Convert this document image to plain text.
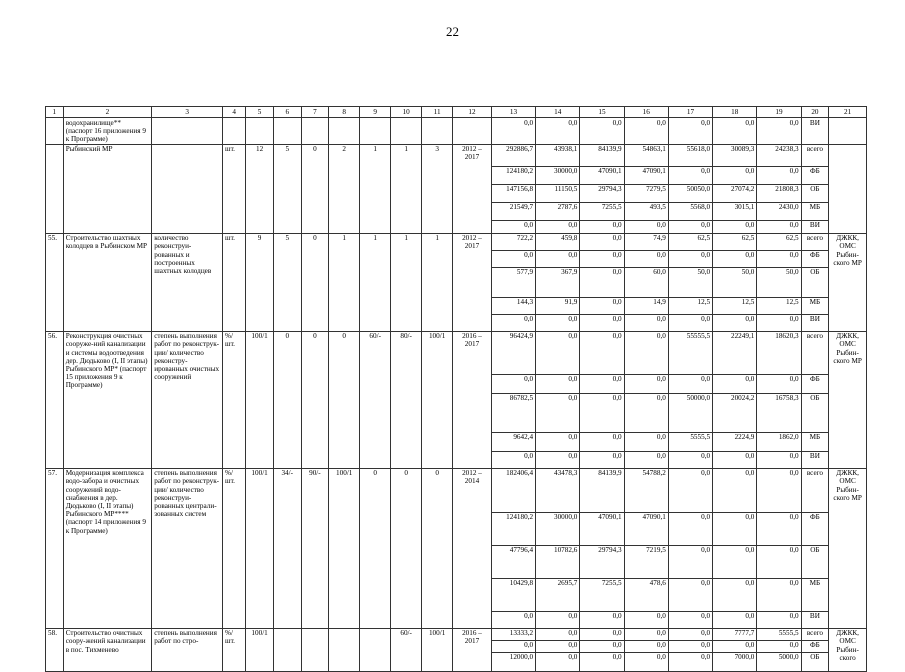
22
1	2	3	4	5	6	7	8	9	10	11	12	13	14	15	16	17	18	19	20	21
	водохранилище** (паспорт 16 приложения 9 к Программе)											0,0	0,0	0,0	0,0	0,0	0,0	0,0	ВИ	
	Рыбинский МР		шт.	12	5	0	2	1	1	3	2012 – 2017	292886,7	43938,1	84139,9	54863,1	55618,0	30089,3	24238,3	всего	
												124180,2	30000,0	47090,1	47090,1	0,0	0,0	0,0	ФБ	
												147156,8	11150,5	29794,3	7279,5	50050,0	27074,2	21808,3	ОБ	
												21549,7	2787,6	7255,5	493,5	5568,0	3015,1	2430,0	МБ	
												0,0	0,0	0,0	0,0	0,0	0,0	0,0	ВИ	
55.	Строительство шахтных колодцев в Рыбинском МР	количество реконструи-рованных и построенных шахтных колодцев	шт.	9	5	0	1	1	1	1	2012 – 2017	722,2	459,8	0,0	74,9	62,5	62,5	62,5	всего	ДЖКК, ОМС Рыбин-ского МР
												0,0	0,0	0,0	0,0	0,0	0,0	0,0	ФБ	
												577,9	367,9	0,0	60,0	50,0	50,0	50,0	ОБ	
												144,3	91,9	0,0	14,9	12,5	12,5	12,5	МБ	
												0,0	0,0	0,0	0,0	0,0	0,0	0,0	ВИ	
56.	Реконструкция очистных сооруже-ний канализации и системы водоотведения дер. Дюдьково (I, II этапы) Рыбинского МР* (паспорт 15 приложения 9 к Программе)	степень выполнения работ по реконструк-ции/ количество реконстру-ированных очистных сооружений	%/ шт.	100/1	0	0	0	60/-	80/-	100/1	2016 – 2017	96424,9	0,0	0,0	0,0	55555,5	22249,1	18620,3	всего	ДЖКК, ОМС Рыбин-ского МР
												0,0	0,0	0,0	0,0	0,0	0,0	0,0	ФБ	
												86782,5	0,0	0,0	0,0	50000,0	20024,2	16758,3	ОБ	
												9642,4	0,0	0,0	0,0	5555,5	2224,9	1862,0	МБ	
												0,0	0,0	0,0	0,0	0,0	0,0	0,0	ВИ	
57.	Модернизация комплекса водо-забора и очистных сооружений водо-снабжения в дер. Дюдьково (I, II этапы) Рыбинского МР**** (паспорт 14 приложения 9 к Программе)	степень выполнения работ по реконструк-ции/ количество реконструи-рованных централи-зованных систем	%/ шт.	100/1	34/-	90/-	100/1	0	0	0	2012 – 2014	182406,4	43478,3	84139,9	54788,2	0,0	0,0	0,0	всего	ДЖКК, ОМС Рыбин-ского МР
												124180,2	30000,0	47090,1	47090,1	0,0	0,0	0,0	ФБ	
												47796,4	10782,6	29794,3	7219,5	0,0	0,0	0,0	ОБ	
												10429,8	2695,7	7255,5	478,6	0,0	0,0	0,0	МБ	
												0,0	0,0	0,0	0,0	0,0	0,0	0,0	ВИ	
58.	Строительство очистных соору-жений канализации в пос. Тихменево	степень выполнения работ по стро-	%/ шт.	100/1					60/-	100/1	2016 – 2017	13333,2	0,0	0,0	0,0	0,0	7777,7	5555,5	всего	ДЖКК, ОМС Рыбин-ского
												0,0	0,0	0,0	0,0	0,0	0,0	0,0	ФБ	
												12000,0	0,0	0,0	0,0	0,0	7000,0	5000,0	ОБ	
